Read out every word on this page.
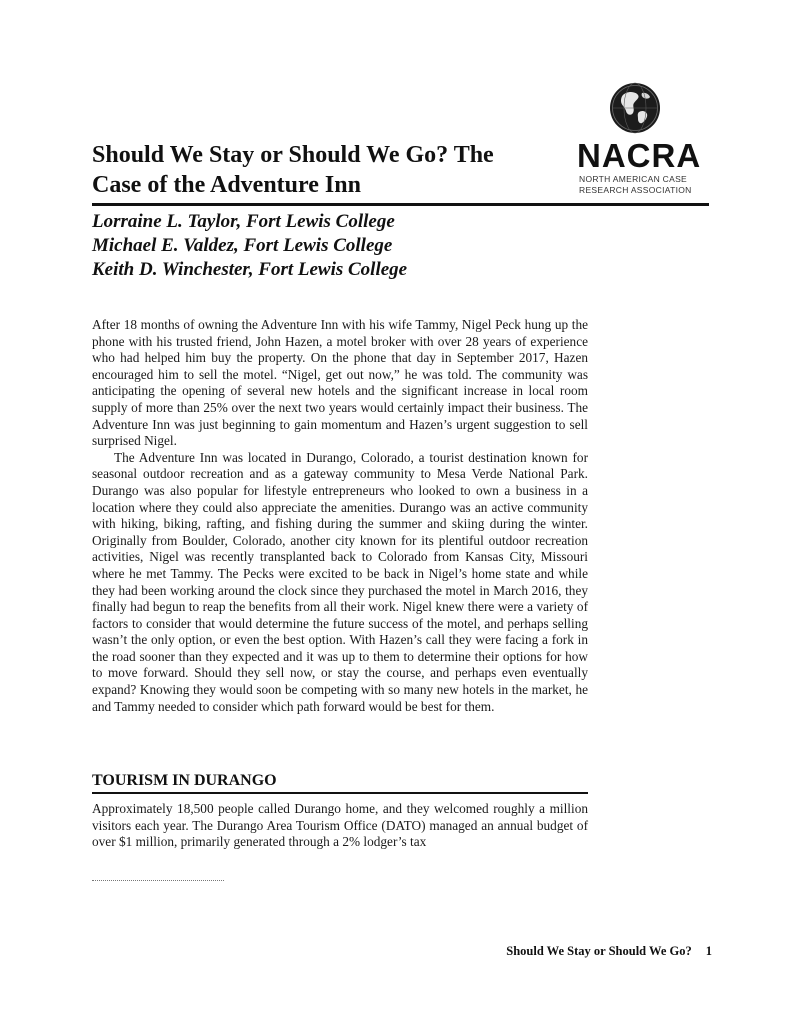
Should We Stay or Should We Go? The
Case of the Adventure Inn
NACRA
NORTH AMERICAN CASE
RESEARCH ASSOCIATION
Lorraine L. Taylor, Fort Lewis College
Michael E. Valdez, Fort Lewis College
Keith D. Winchester, Fort Lewis College

After 18 months of owning the Adventure Inn with his wife Tammy, Nigel Peck hung up the phone with his trusted friend, John Hazen, a motel broker with over 28 years of experience who had helped him buy the property. On the phone that day in September 2017, Hazen encouraged him to sell the motel. “Nigel, get out now,” he was told. The community was anticipating the opening of several new hotels and the significant increase in local room supply of more than 25% over the next two years would certainly impact their business. The Adventure Inn was just beginning to gain momentum and Hazen’s urgent suggestion to sell surprised Nigel.

The Adventure Inn was located in Durango, Colorado, a tourist destination known for seasonal outdoor recreation and as a gateway community to Mesa Verde National Park. Durango was also popular for lifestyle entrepreneurs who looked to own a business in a location where they could also appreciate the amenities. Durango was an active community with hiking, biking, rafting, and fishing during the summer and skiing during the winter. Originally from Boulder, Colorado, another city known for its plentiful outdoor recreation activities, Nigel was recently transplanted back to Colorado from Kansas City, Missouri where he met Tammy. The Pecks were excited to be back in Nigel’s home state and while they had been working around the clock since they purchased the motel in March 2016, they finally had begun to reap the benefits from all their work. Nigel knew there were a variety of factors to consider that would determine the future success of the motel, and perhaps selling wasn’t the only option, or even the best option. With Hazen’s call they were facing a fork in the road sooner than they expected and it was up to them to determine their options for how to move forward. Should they sell now, or stay the course, and perhaps even eventually expand? Knowing they would soon be competing with so many new hotels in the market, he and Tammy needed to consider which path forward would be best for them.

TOURISM IN DURANGO

Approximately 18,500 people called Durango home, and they welcomed roughly a million visitors each year. The Durango Area Tourism Office (DATO) managed an annual budget of over $1 million, primarily generated through a 2% lodger’s tax

Should We Stay or Should We Go? 1
